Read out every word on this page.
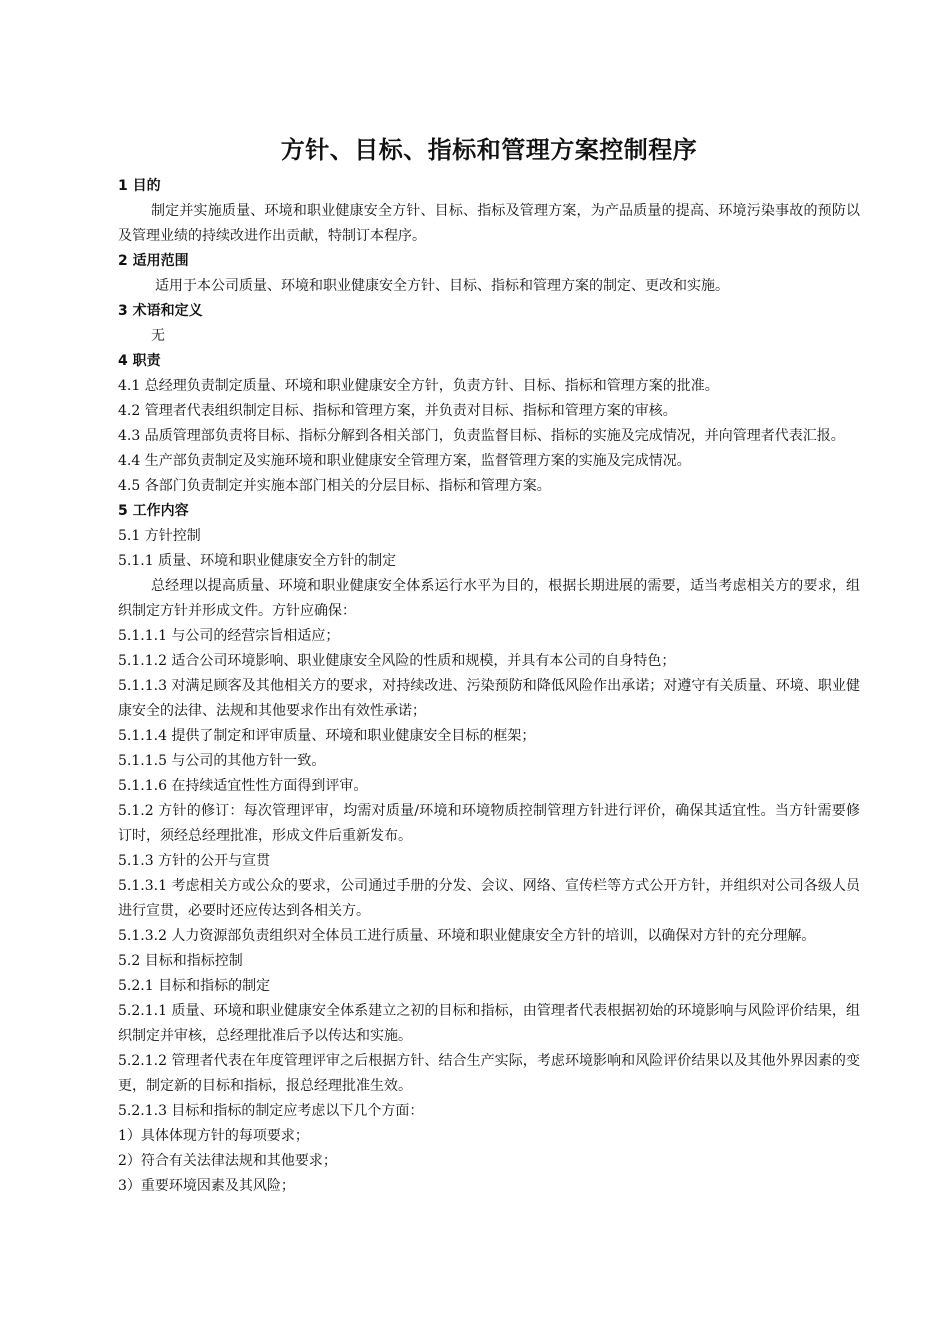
方针、目标、指标和管理方案控制程序

1 目的

制定并实施质量、环境和职业健康安全方针、目标、指标及管理方案，为产品质量的提高、环境污染事故的预防以及管理业绩的持续改进作出贡献，特制订本程序。

2 适用范围

适用于本公司质量、环境和职业健康安全方针、目标、指标和管理方案的制定、更改和实施。

3 术语和定义

无

4 职责

4.1 总经理负责制定质量、环境和职业健康安全方针，负责方针、目标、指标和管理方案的批准。

4.2 管理者代表组织制定目标、指标和管理方案，并负责对目标、指标和管理方案的审核。

4.3 品质管理部负责将目标、指标分解到各相关部门，负责监督目标、指标的实施及完成情况，并向管理者代表汇报。

4.4 生产部负责制定及实施环境和职业健康安全管理方案，监督管理方案的实施及完成情况。

4.5 各部门负责制定并实施本部门相关的分层目标、指标和管理方案。

5 工作内容

5.1 方针控制

5.1.1 质量、环境和职业健康安全方针的制定

总经理以提高质量、环境和职业健康安全体系运行水平为目的，根据长期进展的需要，适当考虑相关方的要求，组织制定方针并形成文件。方针应确保：

5.1.1.1 与公司的经营宗旨相适应；

5.1.1.2 适合公司环境影响、职业健康安全风险的性质和规模，并具有本公司的自身特色；

5.1.1.3 对满足顾客及其他相关方的要求，对持续改进、污染预防和降低风险作出承诺；对遵守有关质量、环境、职业健康安全的法律、法规和其他要求作出有效性承诺；

5.1.1.4 提供了制定和评审质量、环境和职业健康安全目标的框架；

5.1.1.5 与公司的其他方针一致。

5.1.1.6 在持续适宜性性方面得到评审。

5.1.2 方针的修订：每次管理评审，均需对质量/环境和环境物质控制管理方针进行评价，确保其适宜性。当方针需要修订时，须经总经理批准，形成文件后重新发布。

5.1.3 方针的公开与宣贯

5.1.3.1 考虑相关方或公众的要求，公司通过手册的分发、会议、网络、宣传栏等方式公开方针，并组织对公司各级人员进行宣贯，必要时还应传达到各相关方。

5.1.3.2 人力资源部负责组织对全体员工进行质量、环境和职业健康安全方针的培训，以确保对方针的充分理解。

5.2 目标和指标控制

5.2.1 目标和指标的制定

5.2.1.1 质量、环境和职业健康安全体系建立之初的目标和指标，由管理者代表根据初始的环境影响与风险评价结果，组织制定并审核，总经理批准后予以传达和实施。

5.2.1.2 管理者代表在年度管理评审之后根据方针、结合生产实际，考虑环境影响和风险评价结果以及其他外界因素的变更，制定新的目标和指标，报总经理批准生效。

5.2.1.3 目标和指标的制定应考虑以下几个方面：

1）具体体现方针的每项要求；

2）符合有关法律法规和其他要求；

3）重要环境因素及其风险；
